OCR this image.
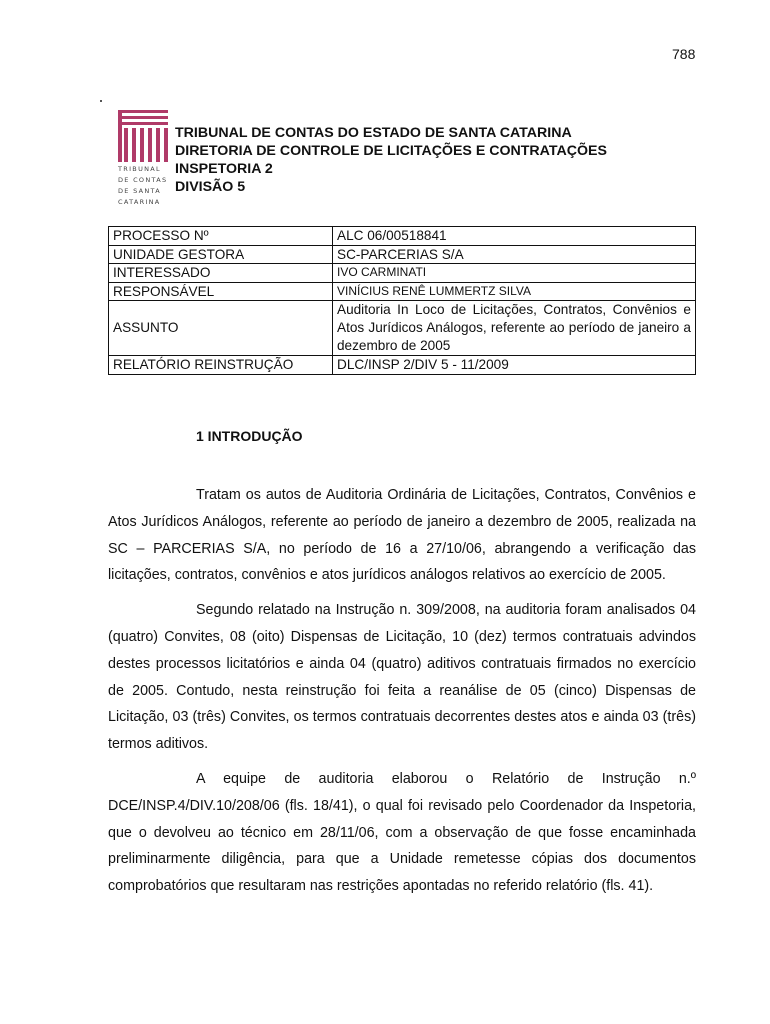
788
TRIBUNAL
DE CONTAS
DE SANTA
CATARINA
TRIBUNAL DE CONTAS DO ESTADO DE SANTA CATARINA
DIRETORIA DE CONTROLE DE LICITAÇÕES E CONTRATAÇÕES
INSPETORIA 2
DIVISÃO 5
PROCESSO Nº	ALC 06/00518841
UNIDADE GESTORA	SC-PARCERIAS S/A
INTERESSADO	IVO CARMINATI
RESPONSÁVEL	VINÍCIUS RENÊ LUMMERTZ SILVA
ASSUNTO	Auditoria In Loco de Licitações, Contratos, Convênios e Atos Jurídicos Análogos, referente ao período de janeiro a dezembro de 2005
RELATÓRIO REINSTRUÇÃO	DLC/INSP 2/DIV 5 - 11/2009
1 INTRODUÇÃO

Tratam os autos de Auditoria Ordinária de Licitações, Contratos, Convênios e Atos Jurídicos Análogos, referente ao período de janeiro a dezembro de 2005, realizada na SC – PARCERIAS S/A, no período de 16 a 27/10/06, abrangendo a verificação das licitações, contratos, convênios e atos jurídicos análogos relativos ao exercício de 2005.

Segundo relatado na Instrução n. 309/2008, na auditoria foram analisados 04 (quatro) Convites, 08 (oito) Dispensas de Licitação, 10 (dez) termos contratuais advindos destes processos licitatórios e ainda 04 (quatro) aditivos contratuais firmados no exercício de 2005. Contudo, nesta reinstrução foi feita a reanálise de 05 (cinco) Dispensas de Licitação, 03 (três) Convites, os termos contratuais decorrentes destes atos e ainda 03 (três) termos aditivos.

A equipe de auditoria elaborou o Relatório de Instrução n.º DCE/INSP.4/DIV.10/208/06 (fls. 18/41), o qual foi revisado pelo Coordenador da Inspetoria, que o devolveu ao técnico em 28/11/06, com a observação de que fosse encaminhada preliminarmente diligência, para que a Unidade remetesse cópias dos documentos comprobatórios que resultaram nas restrições apontadas no referido relatório (fls. 41).
